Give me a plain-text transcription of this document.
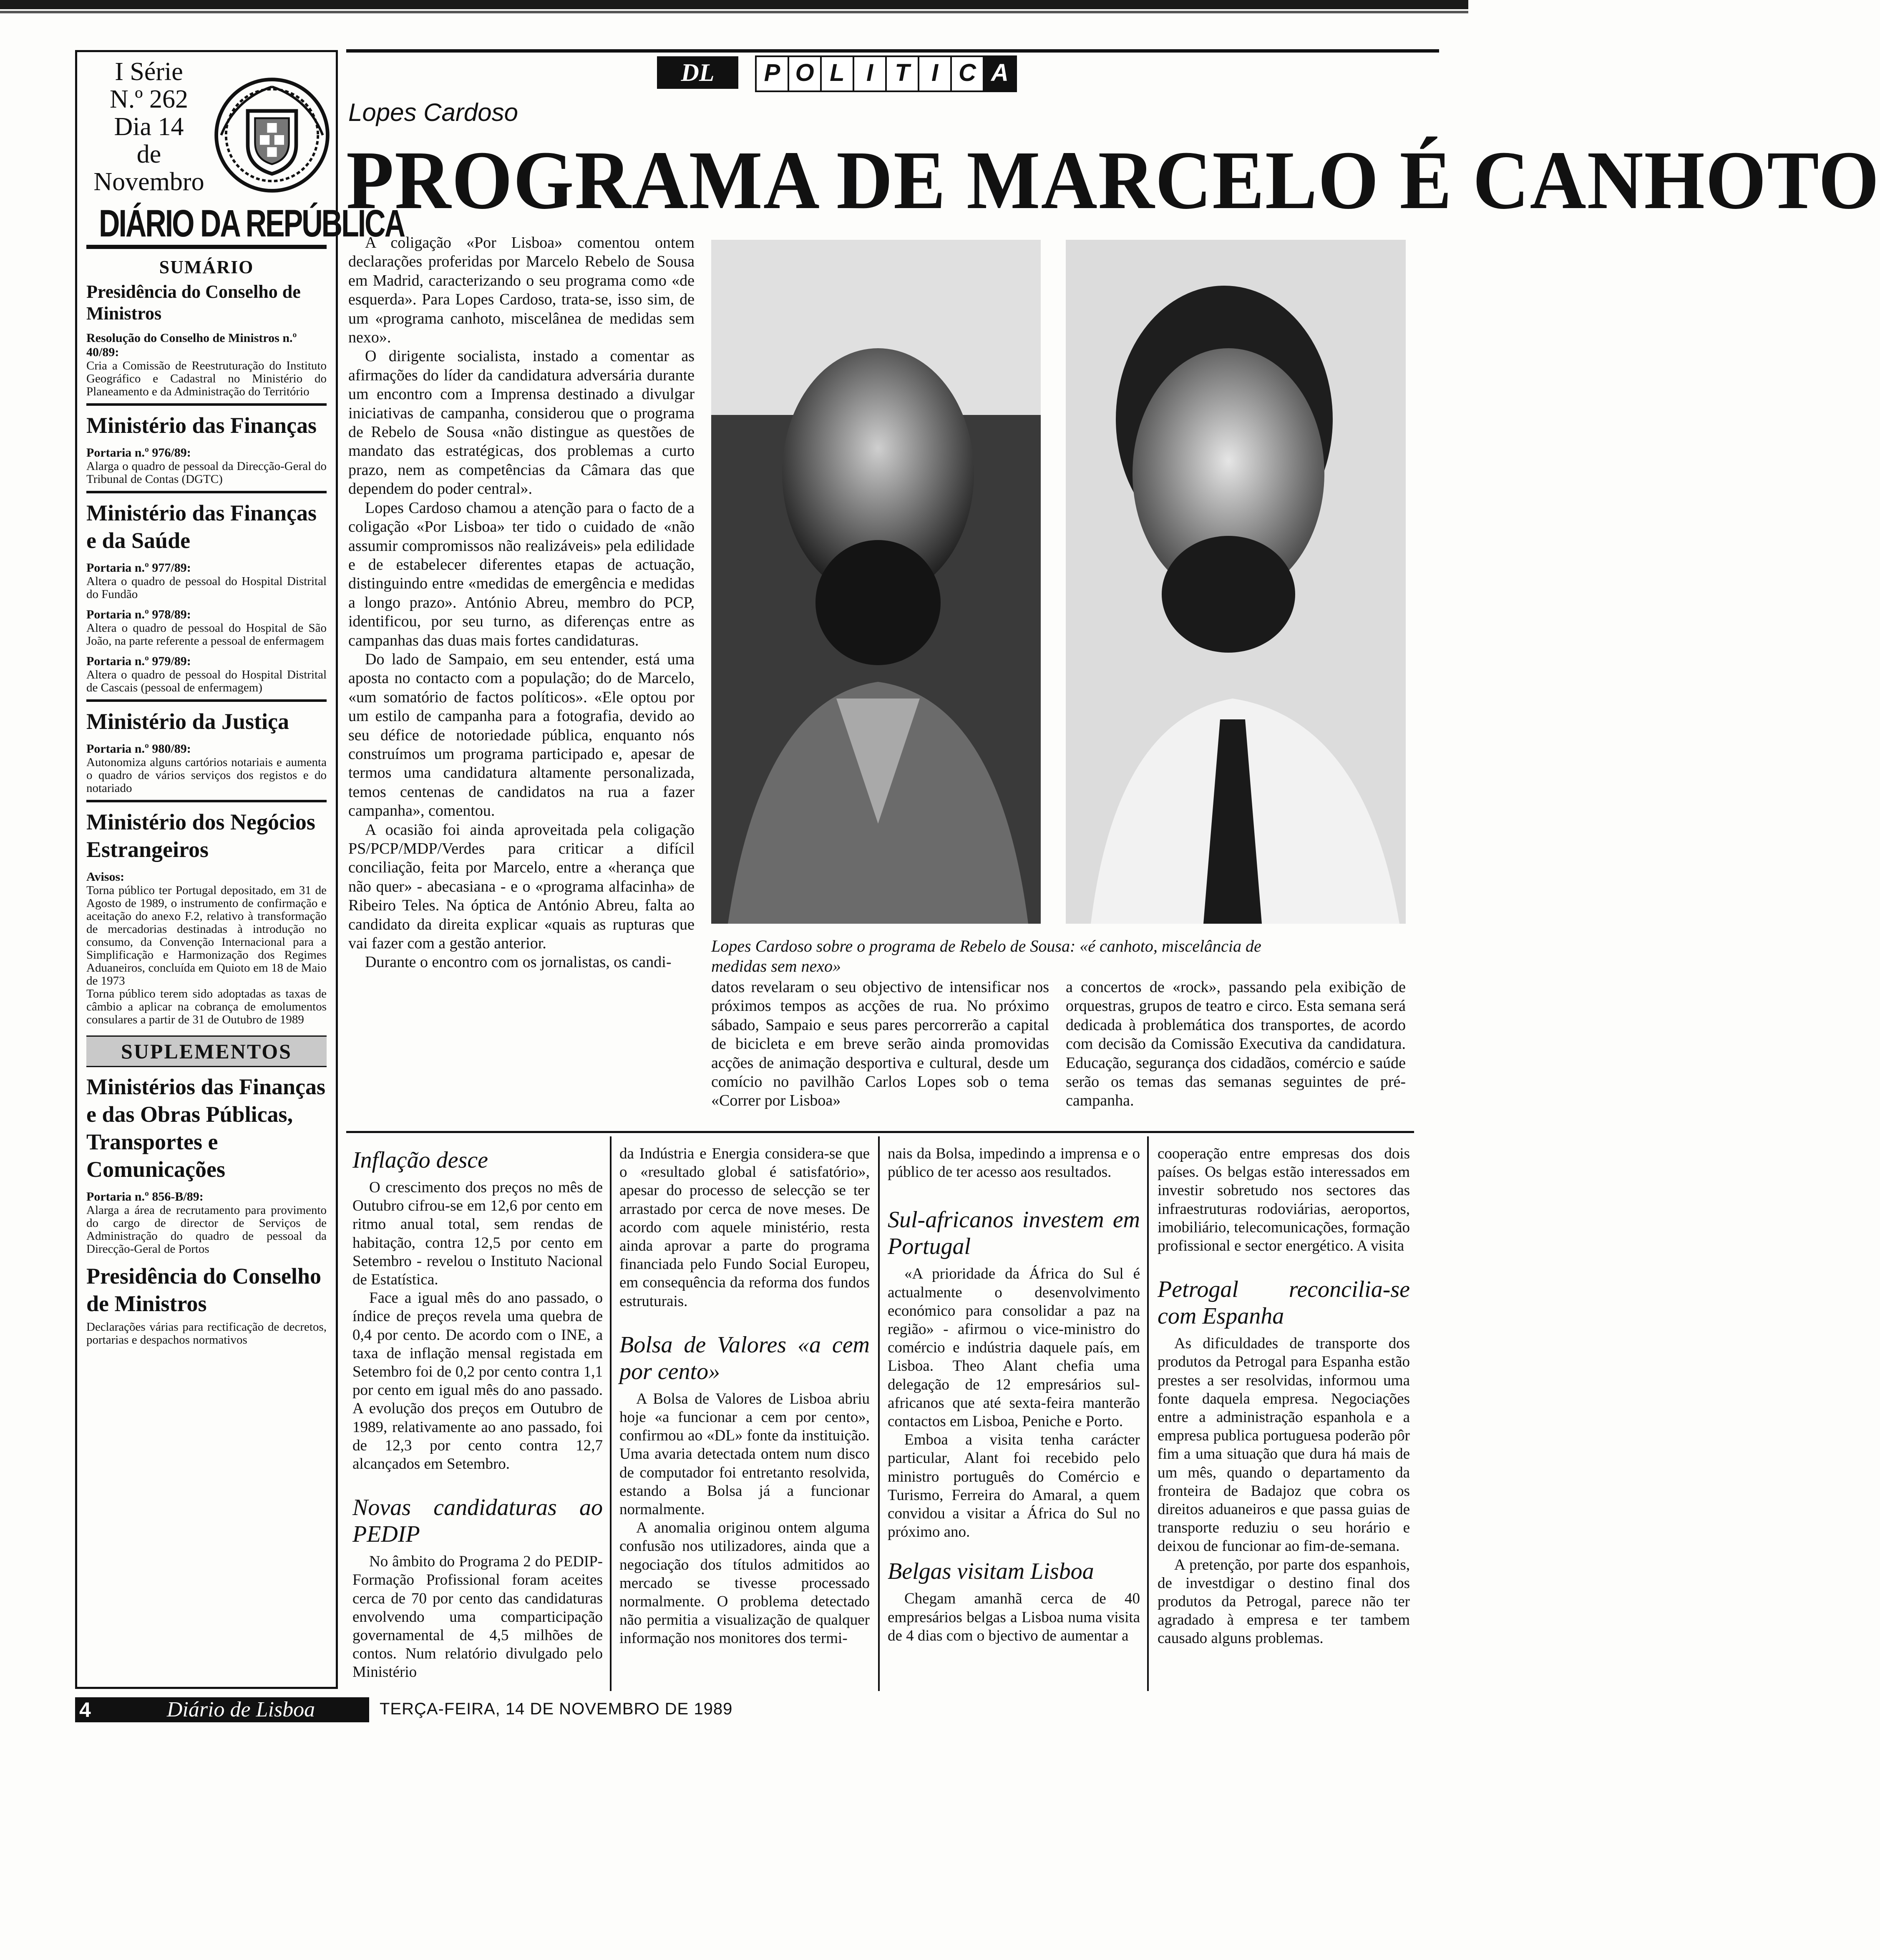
I Série
N.º 262
Dia 14
de
Novembro
DIÁRIO DA REPÚBLICA
SUMÁRIO
Presidência do Conselho de Ministros
Resolução do Conselho de Ministros n.º 40/89:
Cria a Comissão de Reestruturação do Instituto Geográfico e Cadastral no Ministério do Planeamento e da Administração do Território
Ministério das Finanças
Portaria n.º 976/89:
Alarga o quadro de pessoal da Direcção-Geral do Tribunal de Contas (DGTC)
Ministério das Finanças e da Saúde
Portaria n.º 977/89:
Altera o quadro de pessoal do Hospital Distrital do Fundão
Portaria n.º 978/89:
Altera o quadro de pessoal do Hospital de São João, na parte referente a pessoal de enfermagem
Portaria n.º 979/89:
Altera o quadro de pessoal do Hospital Distrital de Cascais (pessoal de enfermagem)
Ministério da Justiça
Portaria n.º 980/89:
Autonomiza alguns cartórios notariais e aumenta o quadro de vários serviços dos registos e do notariado
Ministério dos Negócios Estrangeiros
Avisos:
Torna público ter Portugal depositado, em 31 de Agosto de 1989, o instrumento de confirmação e aceitação do anexo F.2, relativo à transformação de mercadorias destinadas à introdução no consumo, da Convenção Internacional para a Simplificação e Harmonização dos Regimes Aduaneiros, concluída em Quioto em 18 de Maio de 1973
Torna público terem sido adoptadas as taxas de câmbio a aplicar na cobrança de emolumentos consulares a partir de 31 de Outubro de 1989
SUPLEMENTOS
Ministérios das Finanças e das Obras Públicas, Transportes e Comunicações
Portaria n.º 856-B/89:
Alarga a área de recrutamento para provimento do cargo de director de Serviços de Administração do quadro de pessoal da Direcção-Geral de Portos
Presidência do Conselho de Ministros
Declarações várias para rectificação de decretos, portarias e despachos normativos
DL	P O L I T I C A
Lopes Cardoso
PROGRAMA DE MARCELO É CANHOTO

A coligação «Por Lisboa» comentou ontem declarações proferidas por Marcelo Rebelo de Sousa em Madrid, caracterizando o seu programa como «de esquerda». Para Lopes Cardoso, trata-se, isso sim, de um «programa canhoto, miscelânea de medidas sem nexo».

O dirigente socialista, instado a comentar as afirmações do líder da candidatura adversária durante um encontro com a Imprensa destinado a divulgar iniciativas de campanha, considerou que o programa de Rebelo de Sousa «não distingue as questões de mandato das estratégicas, dos problemas a curto prazo, nem as competências da Câmara das que dependem do poder central».

Lopes Cardoso chamou a atenção para o facto de a coligação «Por Lisboa» ter tido o cuidado de «não assumir compromissos não realizáveis» pela edilidade e de estabelecer diferentes etapas de actuação, distinguindo entre «medidas de emergência e medidas a longo prazo». António Abreu, membro do PCP, identificou, por seu turno, as diferenças entre as campanhas das duas mais fortes candidaturas.

Do lado de Sampaio, em seu entender, está uma aposta no contacto com a população; do de Marcelo, «um somatório de factos políticos». «Ele optou por um estilo de campanha para a fotografia, devido ao seu défice de notoriedade pública, enquanto nós construímos um programa participado e, apesar de termos uma candidatura altamente personalizada, temos centenas de candidatos na rua a fazer campanha», comentou.

A ocasião foi ainda aproveitada pela coligação PS/PCP/MDP/Verdes para criticar a difícil conciliação, feita por Marcelo, entre a «herança que não quer» - abecasiana - e o «programa alfacinha» de Ribeiro Teles. Na óptica de António Abreu, falta ao candidato da direita explicar «quais as rupturas que vai fazer com a gestão anterior.

Durante o encontro com os jornalistas, os candi-

Lopes Cardoso sobre o programa de Rebelo de Sousa: «é canhoto, miscelância de medidas sem nexo»

datos revelaram o seu objectivo de intensificar nos próximos tempos as acções de rua. No próximo sábado, Sampaio e seus pares percorrerão a capital de bicicleta e em breve serão ainda promovidas acções de animação desportiva e cultural, desde um comício no pavilhão Carlos Lopes sob o tema «Correr por Lisboa»

a concertos de «rock», passando pela exibição de orquestras, grupos de teatro e circo. Esta semana será dedicada à problemática dos transportes, de acordo com decisão da Comissão Executiva da candidatura. Educação, segurança dos cidadãos, comércio e saúde serão os temas das semanas seguintes de pré-campanha.

Inflação desce

O crescimento dos preços no mês de Outubro cifrou-se em 12,6 por cento em ritmo anual total, sem rendas de habitação, contra 12,5 por cento em Setembro - revelou o Instituto Nacional de Estatística.

Face a igual mês do ano passado, o índice de preços revela uma quebra de 0,4 por cento. De acordo com o INE, a taxa de inflação mensal registada em Setembro foi de 0,2 por cento contra 1,1 por cento em igual mês do ano passado. A evolução dos preços em Outubro de 1989, relativamente ao ano passado, foi de 12,3 por cento contra 12,7 alcançados em Setembro.

Novas candidaturas ao PEDIP

No âmbito do Programa 2 do PEDIP-Formação Profissional foram aceites cerca de 70 por cento das candidaturas envolvendo uma comparticipação governamental de 4,5 milhões de contos. Num relatório divulgado pelo Ministério

da Indústria e Energia considera-se que o «resultado global é satisfatório», apesar do processo de selecção se ter arrastado por cerca de nove meses. De acordo com aquele ministério, resta ainda aprovar a parte do programa financiada pelo Fundo Social Europeu, em consequência da reforma dos fundos estruturais.

Bolsa de Valores «a cem por cento»

A Bolsa de Valores de Lisboa abriu hoje «a funcionar a cem por cento», confirmou ao «DL» fonte da instituição. Uma avaria detectada ontem num disco de computador foi entretanto resolvida, estando a Bolsa já a funcionar normalmente.

A anomalia originou ontem alguma confusão nos utilizadores, ainda que a negociação dos títulos admitidos ao mercado se tivesse processado normalmente. O problema detectado não permitia a visualização de qualquer informação nos monitores dos termi-

nais da Bolsa, impedindo a imprensa e o público de ter acesso aos resultados.

Sul-africanos investem em Portugal

«A prioridade da África do Sul é actualmente o desenvolvimento económico para consolidar a paz na região» - afirmou o vice-ministro do comércio e indústria daquele país, em Lisboa. Theo Alant chefia uma delegação de 12 empresários sul-africanos que até sexta-feira manterão contactos em Lisboa, Peniche e Porto.

Emboa a visita tenha carácter particular, Alant foi recebido pelo ministro português do Comércio e Turismo, Ferreira do Amaral, a quem convidou a visitar a África do Sul no próximo ano.

Belgas visitam Lisboa

Chegam amanhã cerca de 40 empresários belgas a Lisboa numa visita de 4 dias com o bjectivo de aumentar a

cooperação entre empresas dos dois países. Os belgas estão interessados em investir sobretudo nos sectores das infraestruturas rodoviárias, aeroportos, imobiliário, telecomunicações, formação profissional e sector energético. A visita

Petrogal reconcilia-se com Espanha

As dificuldades de transporte dos produtos da Petrogal para Espanha estão prestes a ser resolvidas, informou uma fonte daquela empresa. Negociações entre a administração espanhola e a empresa publica portuguesa poderão pôr fim a uma situação que dura há mais de um mês, quando o departamento da fronteira de Badajoz que cobra os direitos aduaneiros e que passa guias de transporte reduziu o seu horário e deixou de funcionar ao fim-de-semana.

A pretenção, por parte dos espanhois, de investdigar o destino final dos produtos da Petrogal, parece não ter agradado à empresa e ter tambem causado alguns problemas.

4	Diário de Lisboa	TERÇA-FEIRA, 14 DE NOVEMBRO DE 1989
